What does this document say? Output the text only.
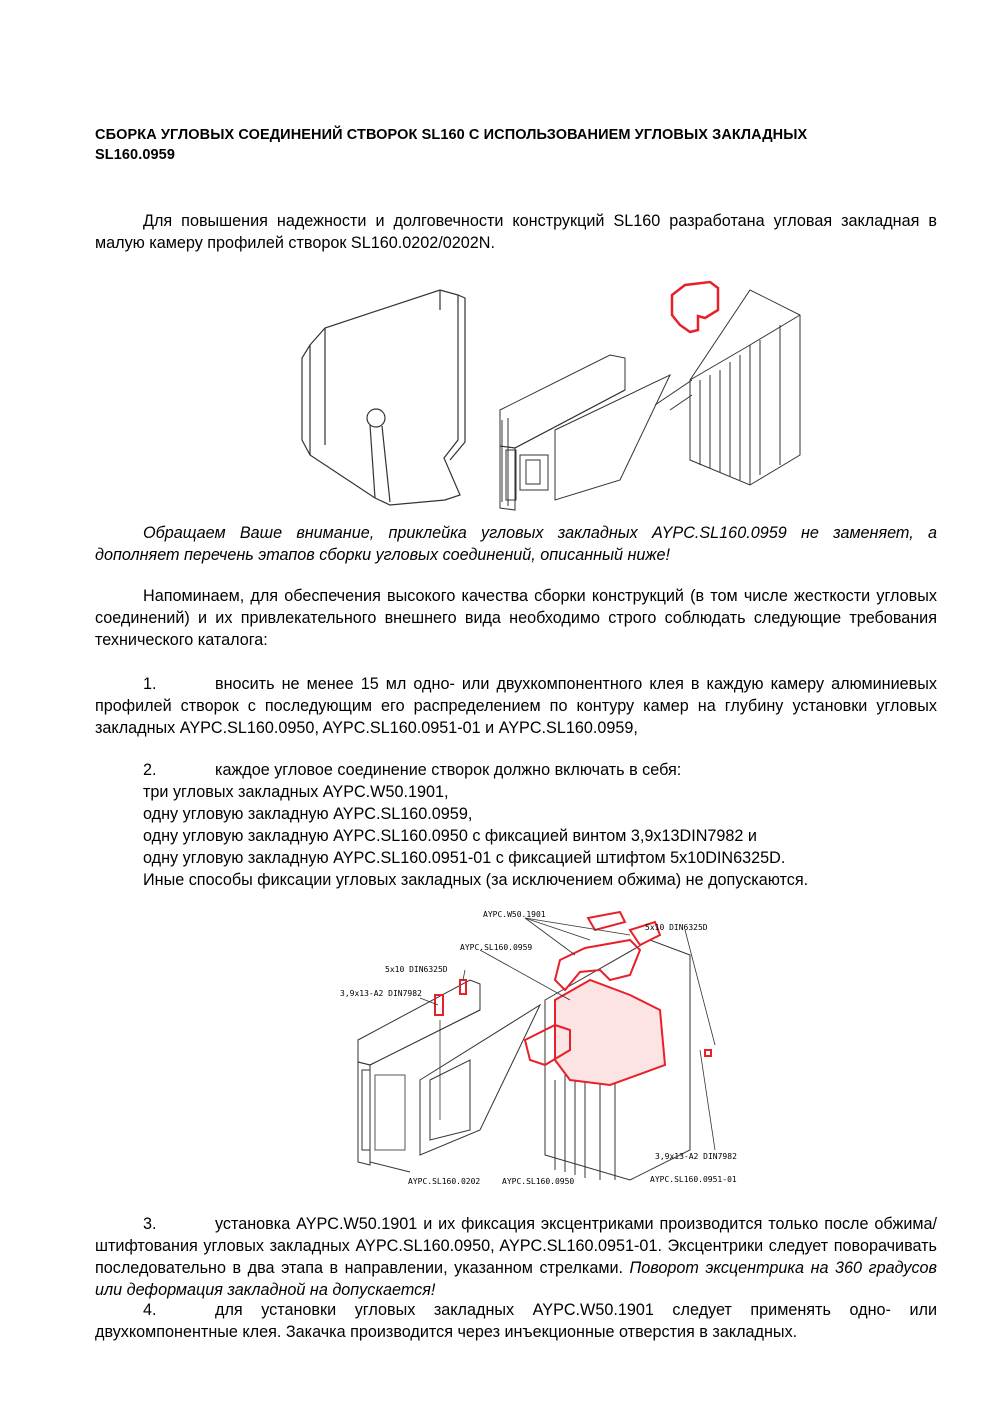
СБОРКА УГЛОВЫХ СОЕДИНЕНИЙ СТВОРОК SL160 С ИСПОЛЬЗОВАНИЕМ УГЛОВЫХ ЗАКЛАДНЫХ
SL160.0959
Для повышения надежности и долговечности конструкций SL160 разработана угловая закладная в малую камеру профилей створок SL160.0202/0202N.
Обращаем Ваше внимание, приклейка угловых закладных AYPC.SL160.0959 не заменяет, а дополняет перечень этапов сборки угловых соединений, описанный ниже!
Напоминаем, для обеспечения высокого качества сборки конструкций (в том числе жесткости угловых соединений) и их привлекательного внешнего вида необходимо строго соблюдать следующие требования технического каталога:
1.	вносить не менее 15 мл одно- или двухкомпонентного клея в каждую камеру алюминиевых профилей створок с последующим его распределением по контуру камер на глубину установки угловых закладных AYPC.SL160.0950, AYPC.SL160.0951-01 и AYPC.SL160.0959,
2.	каждое угловое соединение створок должно включать в себя:
три угловых закладных AYPC.W50.1901,
одну угловую закладную AYPC.SL160.0959,
одну угловую закладную AYPC.SL160.0950 с фиксацией винтом 3,9x13DIN7982 и
одну угловую закладную AYPC.SL160.0951-01 с фиксацией штифтом 5x10DIN6325D.
Иные способы фиксации угловых закладных (за исключением обжима) не допускаются.
AYPC.W50.1901
AYPC.SL160.0959
5x10 DIN6325D
3,9x13-A2 DIN7982
5x10 DIN6325D
3,9x13-A2 DIN7982
AYPC.SL160.0202	AYPC.SL160.0950	AYPC.SL160.0951-01
3.	установка AYPC.W50.1901 и их фиксация эксцентриками производится только после обжима/штифтования угловых закладных AYPC.SL160.0950, AYPC.SL160.0951-01. Эксцентрики следует поворачивать последовательно в два этапа в направлении, указанном стрелками. Поворот эксцентрика на 360 градусов или деформация закладной на допускается!
4.	для установки угловых закладных AYPC.W50.1901 следует применять одно- или двухкомпонентные клея. Закачка производится через инъекционные отверстия в закладных.
